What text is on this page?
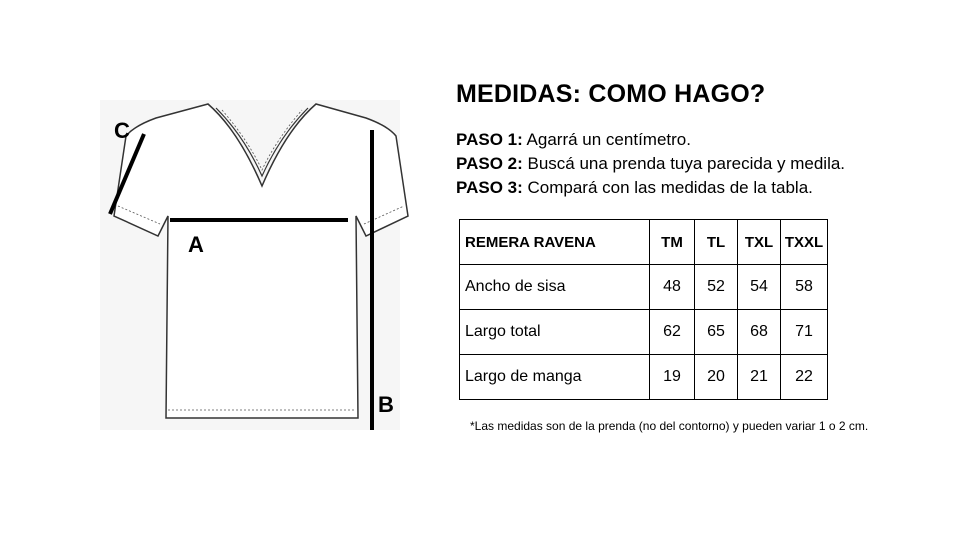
A
B
C
MEDIDAS: COMO HAGO?
PASO 1: Agarrá un centímetro.
PASO 2: Buscá una prenda tuya parecida y medila.
PASO 3: Compará con las medidas de la tabla.
REMERA RAVENA	TM	TL	TXL	TXXL
Ancho de sisa	48	52	54	58
Largo total	62	65	68	71
Largo de manga	19	20	21	22
*Las medidas son de la prenda (no del contorno) y pueden variar 1 o 2 cm.
